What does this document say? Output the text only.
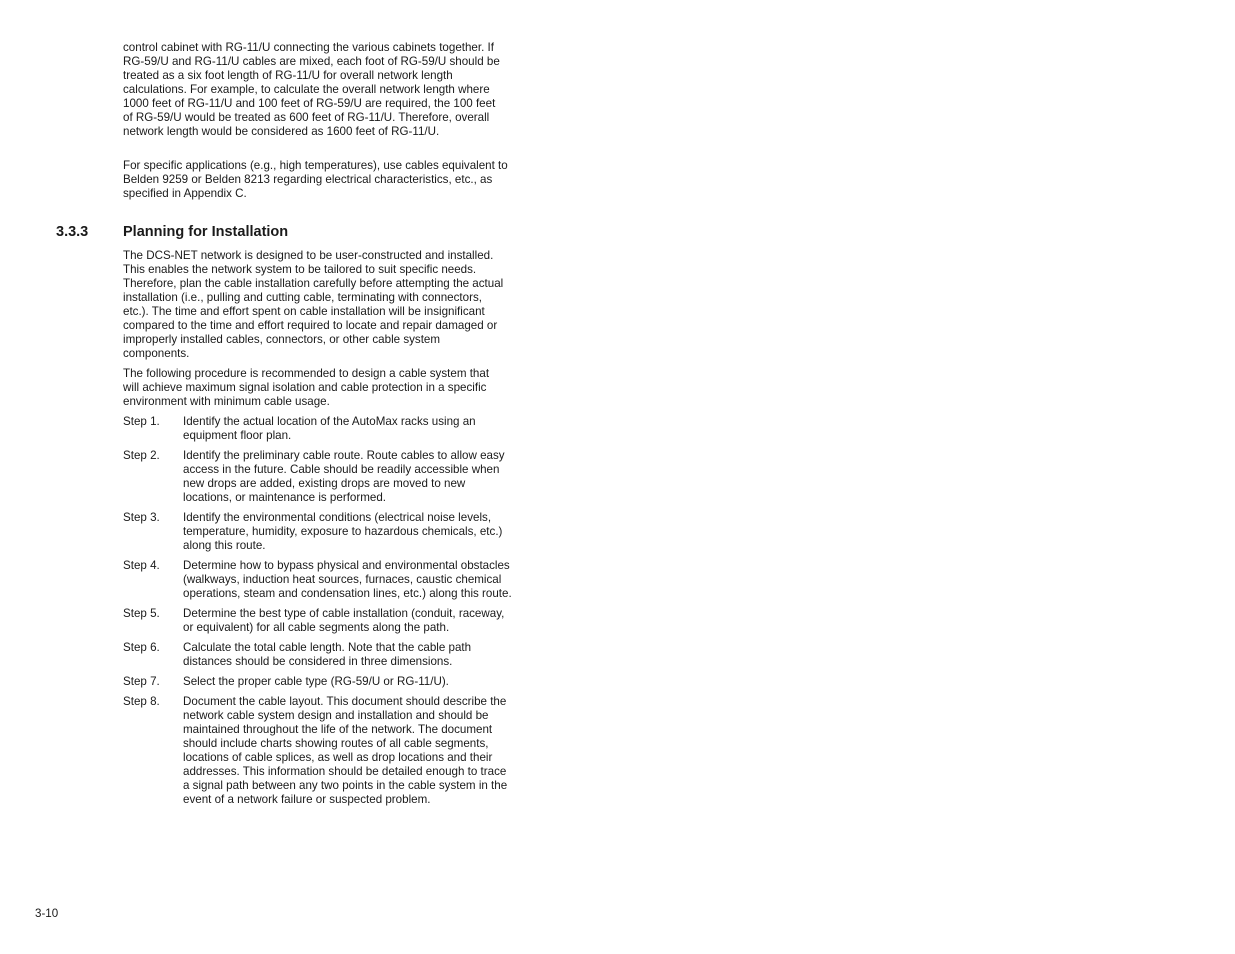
control cabinet with RG-11/U connecting the various cabinets together. If RG-59/U and RG-11/U cables are mixed, each foot of RG-59/U should be treated as a six foot length of RG-11/U for overall network length calculations. For example, to calculate the overall network length where 1000 feet of RG-11/U and 100 feet of RG-59/U are required, the 100 feet of RG-59/U would be treated as 600 feet of RG-11/U. Therefore, overall network length would be considered as 1600 feet of RG-11/U.

For specific applications (e.g., high temperatures), use cables equivalent to Belden 9259 or Belden 8213 regarding electrical characteristics, etc., as specified in Appendix C.

3.3.3 Planning for Installation

The DCS-NET network is designed to be user-constructed and installed. This enables the network system to be tailored to suit specific needs. Therefore, plan the cable installation carefully before attempting the actual installation (i.e., pulling and cutting cable, terminating with connectors, etc.). The time and effort spent on cable installation will be insignificant compared to the time and effort required to locate and repair damaged or improperly installed cables, connectors, or other cable system components.

The following procedure is recommended to design a cable system that will achieve maximum signal isolation and cable protection in a specific environment with minimum cable usage.

Step 1.	Identify the actual location of the AutoMax racks using an equipment floor plan.
Step 2.	Identify the preliminary cable route. Route cables to allow easy access in the future. Cable should be readily accessible when new drops are added, existing drops are moved to new locations, or maintenance is performed.
Step 3.	Identify the environmental conditions (electrical noise levels, temperature, humidity, exposure to hazardous chemicals, etc.) along this route.
Step 4.	Determine how to bypass physical and environmental obstacles (walkways, induction heat sources, furnaces, caustic chemical operations, steam and condensation lines, etc.) along this route.
Step 5.	Determine the best type of cable installation (conduit, raceway, or equivalent) for all cable segments along the path.
Step 6.	Calculate the total cable length. Note that the cable path distances should be considered in three dimensions.
Step 7.	Select the proper cable type (RG-59/U or RG-11/U).
Step 8.	Document the cable layout. This document should describe the network cable system design and installation and should be maintained throughout the life of the network. The document should include charts showing routes of all cable segments, locations of cable splices, as well as drop locations and their addresses. This information should be detailed enough to trace a signal path between any two points in the cable system in the event of a network failure or suspected problem.
3-10
